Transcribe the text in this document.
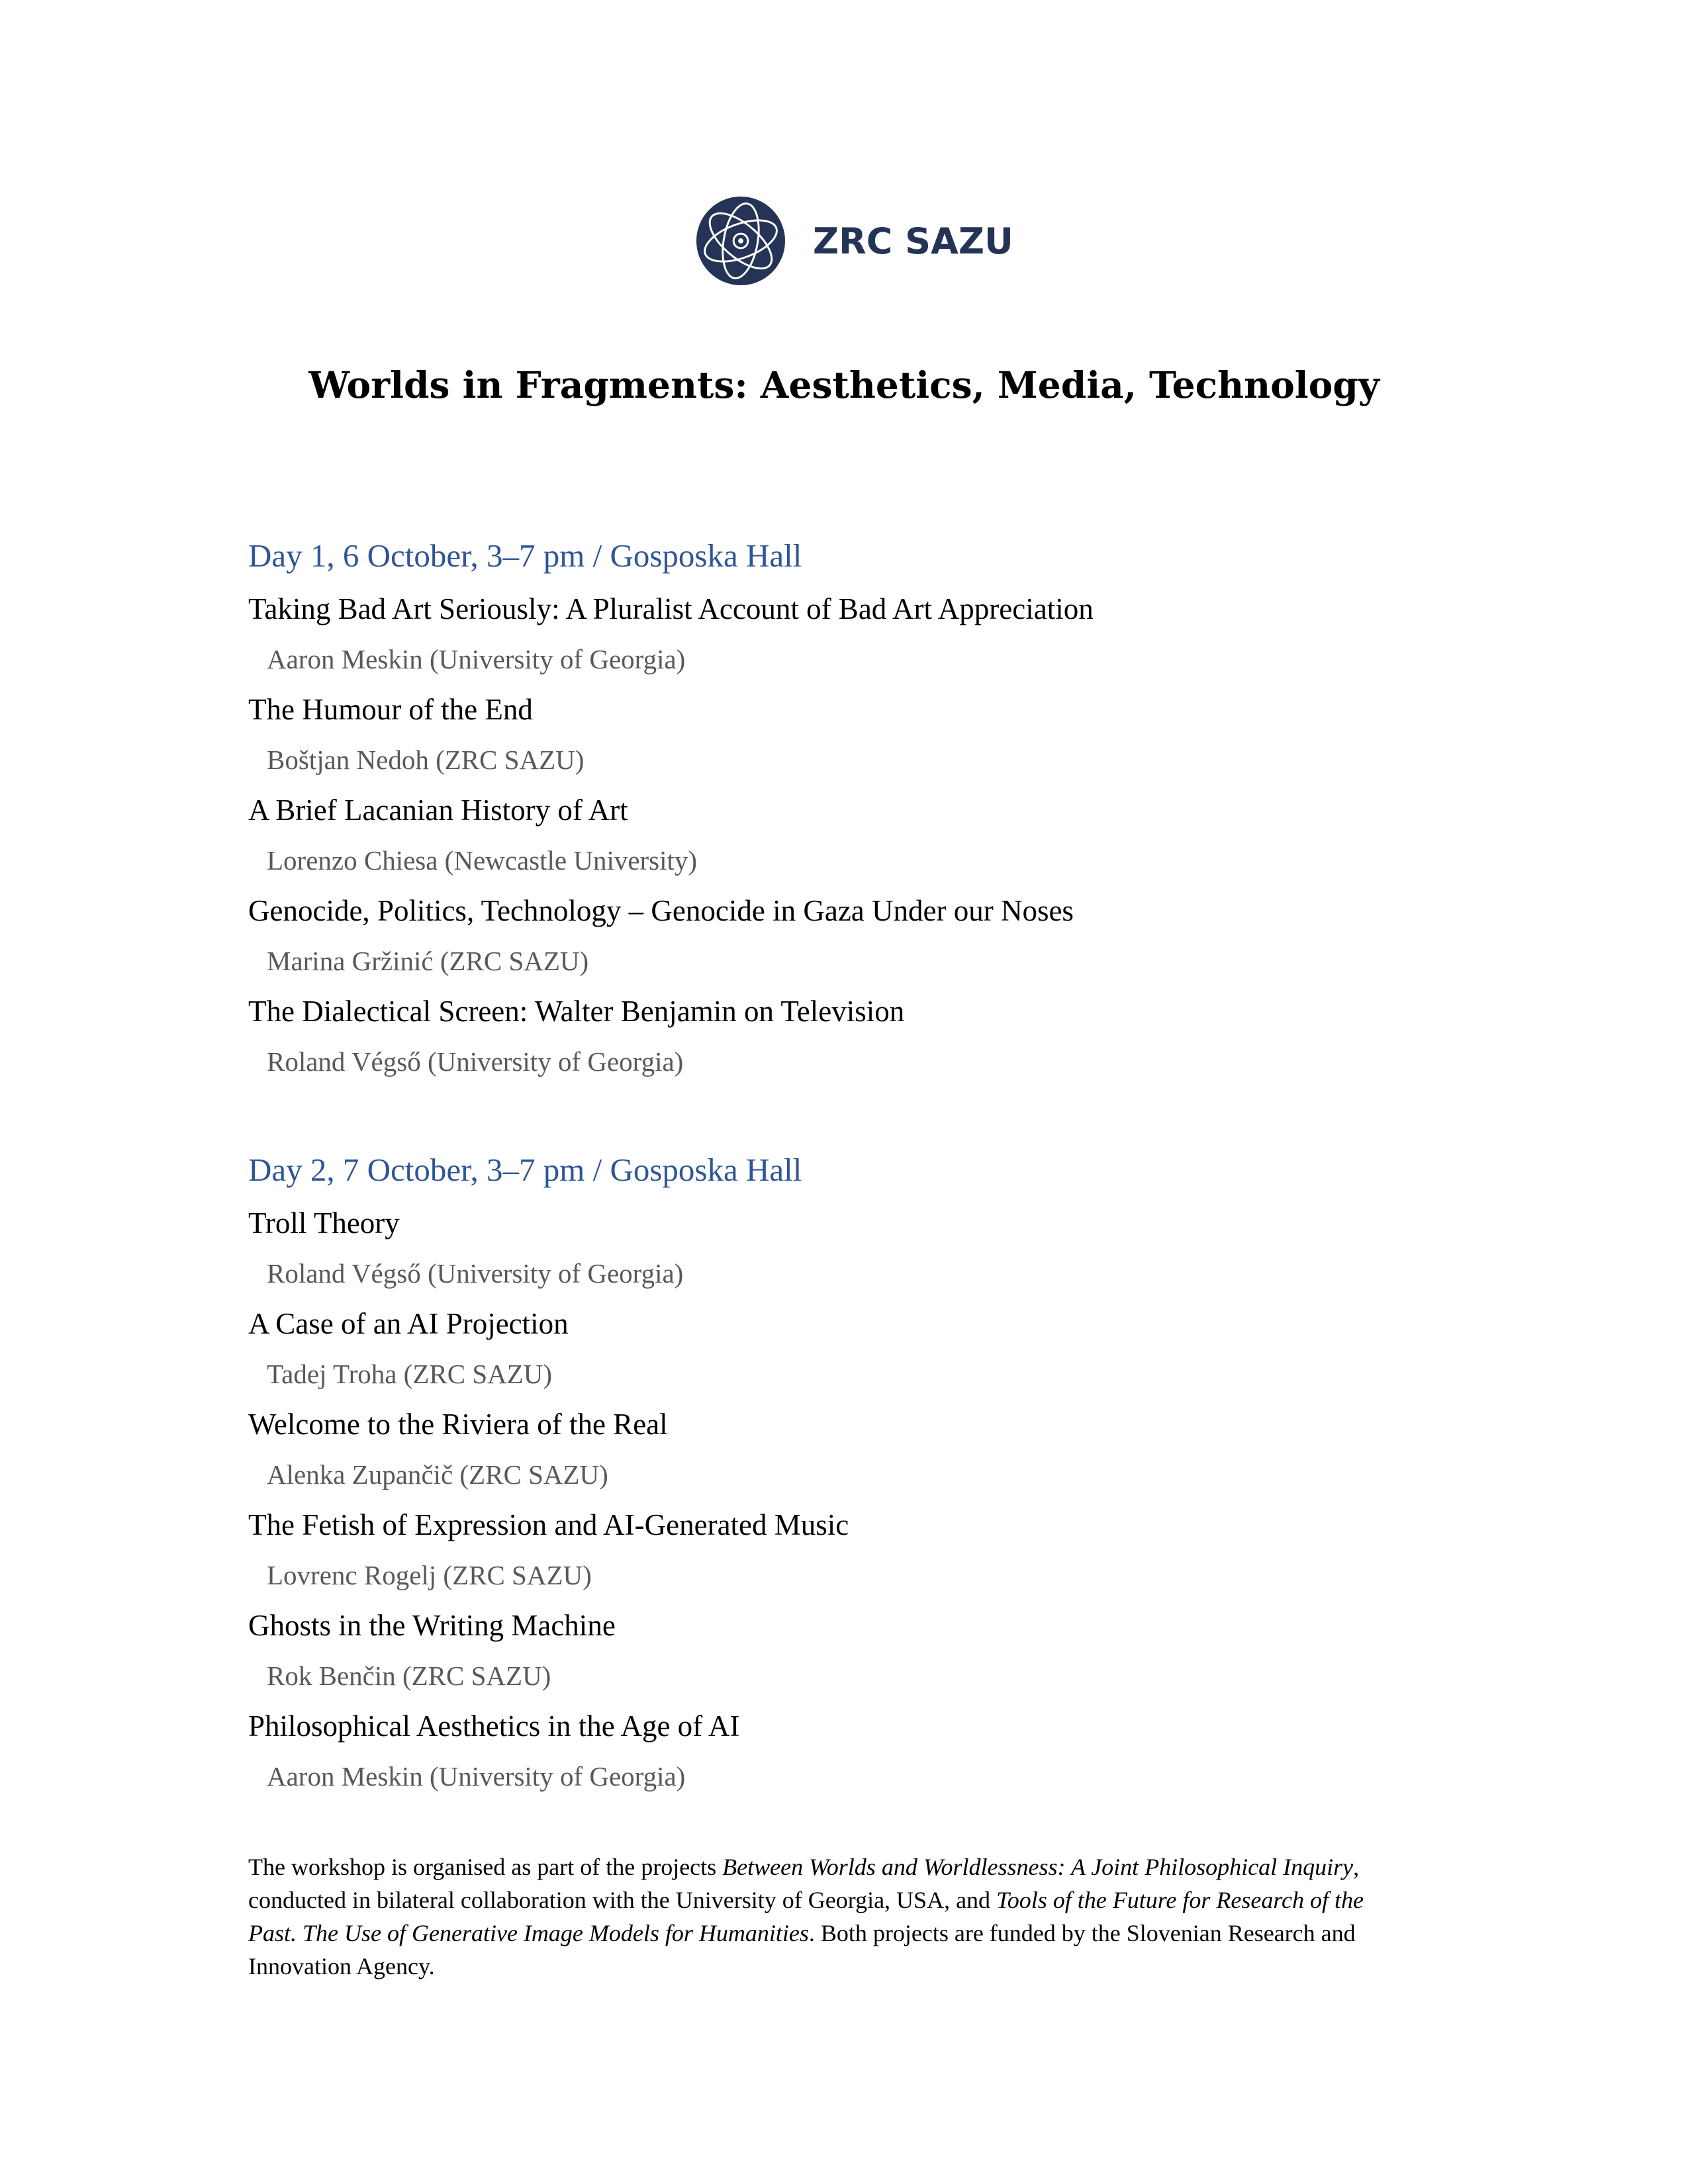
ZRC SAZU
Worlds in Fragments: Aesthetics, Media, Technology
Day 1, 6 October, 3–7 pm / Gosposka Hall
Taking Bad Art Seriously: A Pluralist Account of Bad Art Appreciation
Aaron Meskin (University of Georgia)
The Humour of the End
Boštjan Nedoh (ZRC SAZU)
A Brief Lacanian History of Art
Lorenzo Chiesa (Newcastle University)
Genocide, Politics, Technology – Genocide in Gaza Under our Noses
Marina Gržinić (ZRC SAZU)
The Dialectical Screen: Walter Benjamin on Television
Roland Végső (University of Georgia)
Day 2, 7 October, 3–7 pm / Gosposka Hall
Troll Theory
Roland Végső (University of Georgia)
A Case of an AI Projection
Tadej Troha (ZRC SAZU)
Welcome to the Riviera of the Real
Alenka Zupančič (ZRC SAZU)
The Fetish of Expression and AI-Generated Music
Lovrenc Rogelj (ZRC SAZU)
Ghosts in the Writing Machine
Rok Benčin (ZRC SAZU)
Philosophical Aesthetics in the Age of AI
Aaron Meskin (University of Georgia)
The workshop is organised as part of the projects Between Worlds and Worldlessness: A Joint Philosophical Inquiry, conducted in bilateral collaboration with the University of Georgia, USA, and Tools of the Future for Research of the Past. The Use of Generative Image Models for Humanities. Both projects are funded by the Slovenian Research and Innovation Agency.
